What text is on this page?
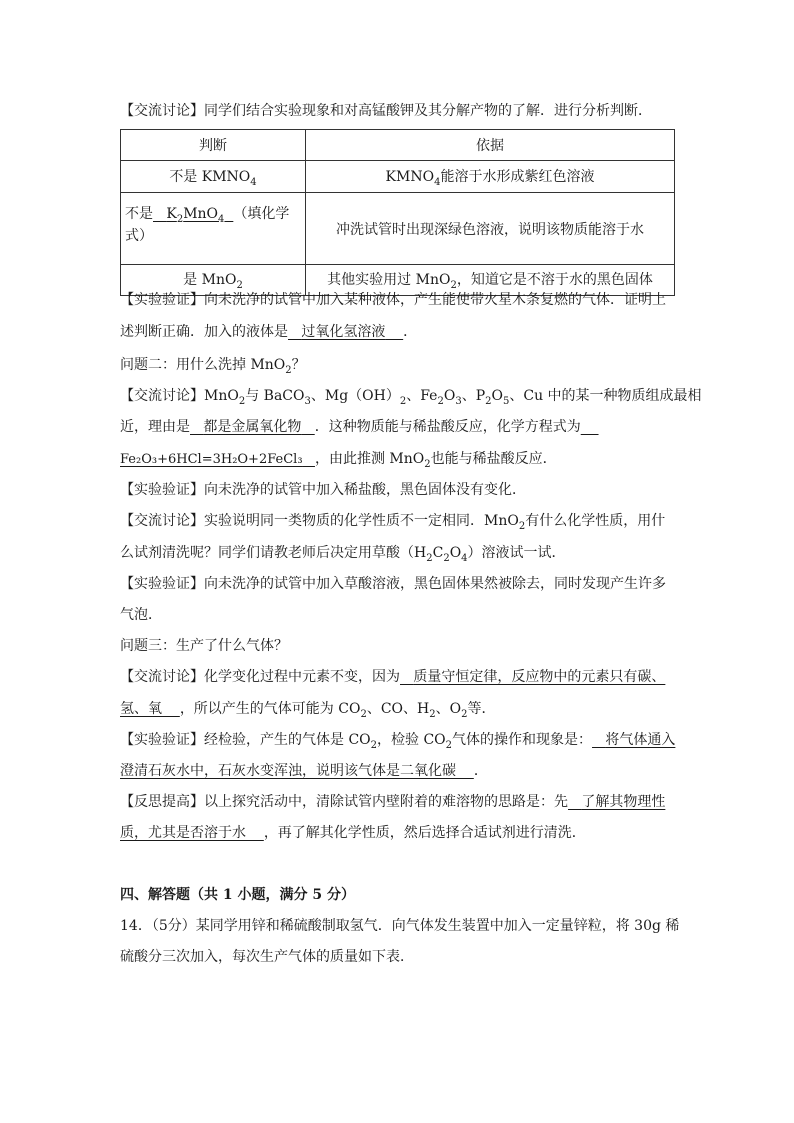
【交流讨论】同学们结合实验现象和对高锰酸钾及其分解产物的了解．进行分析判断．
判断	依据
不是 $KMNO_4$	$KMNO_4$能溶于水形成紫红色溶液
不是 $K_2MnO_4$ （填化学式）	冲洗试管时出现深绿色溶液，说明该物质能溶于水
是 MnO$_2$	其他实验用过 MnO$_2$，知道它是不溶于水的黑色固体
【实验验证】向未洗净的试管中加入某种液体，产生能使带火星木条复燃的气体．证明上
述判断正确．加入的液体是 过氧化氢溶液 ．
问题二：用什么洗掉 MnO$_2$？
【交流讨论】MnO$_2$与 BaCO$_3$、$Mg(OH)_2$、$Fe_2O_3$、$P_2O_5$、Cu 中的某一种物质组成最相
近，理由是 都是金属氧化物 ．这种物质能与稀盐酸反应，化学方程式为
Fe₂O₃+6HCl=3H₂O+2FeCl₃ ，由此推测 MnO$_2$也能与稀盐酸反应．
【实验验证】向未洗净的试管中加入稀盐酸，黑色固体没有变化．
【交流讨论】实验说明同一类物质的化学性质不一定相同．MnO$_2$有什么化学性质，用什
么试剂清洗呢？同学们请教老师后决定用草酸$(H_2C_2O_4)$溶液试一试．
【实验验证】向未洗净的试管中加入草酸溶液，黑色固体果然被除去，同时发现产生许多
气泡．
问题三：生产了什么气体？
【交流讨论】化学变化过程中元素不变，因为 质量守恒定律，反应物中的元素只有碳、
氢、氧 ，所以产生的气体可能为 $CO_2$、CO、$H_2$、$O_2$等．
【实验验证】经检验，产生的气体是 $CO_2$，检验 $CO_2$气体的操作和现象是： 将气体通入
澄清石灰水中，石灰水变浑浊，说明该气体是二氧化碳 ．
【反思提高】以上探究活动中，清除试管内壁附着的难溶物的思路是：先 了解其物理性
质，尤其是否溶于水 ，再了解其化学性质，然后选择合适试剂进行清洗．
四、解答题（共 1 小题，满分 5 分）
14．（5分）某同学用锌和稀硫酸制取氢气．向气体发生装置中加入一定量锌粒，将 30g 稀
硫酸分三次加入，每次生产气体的质量如下表．
